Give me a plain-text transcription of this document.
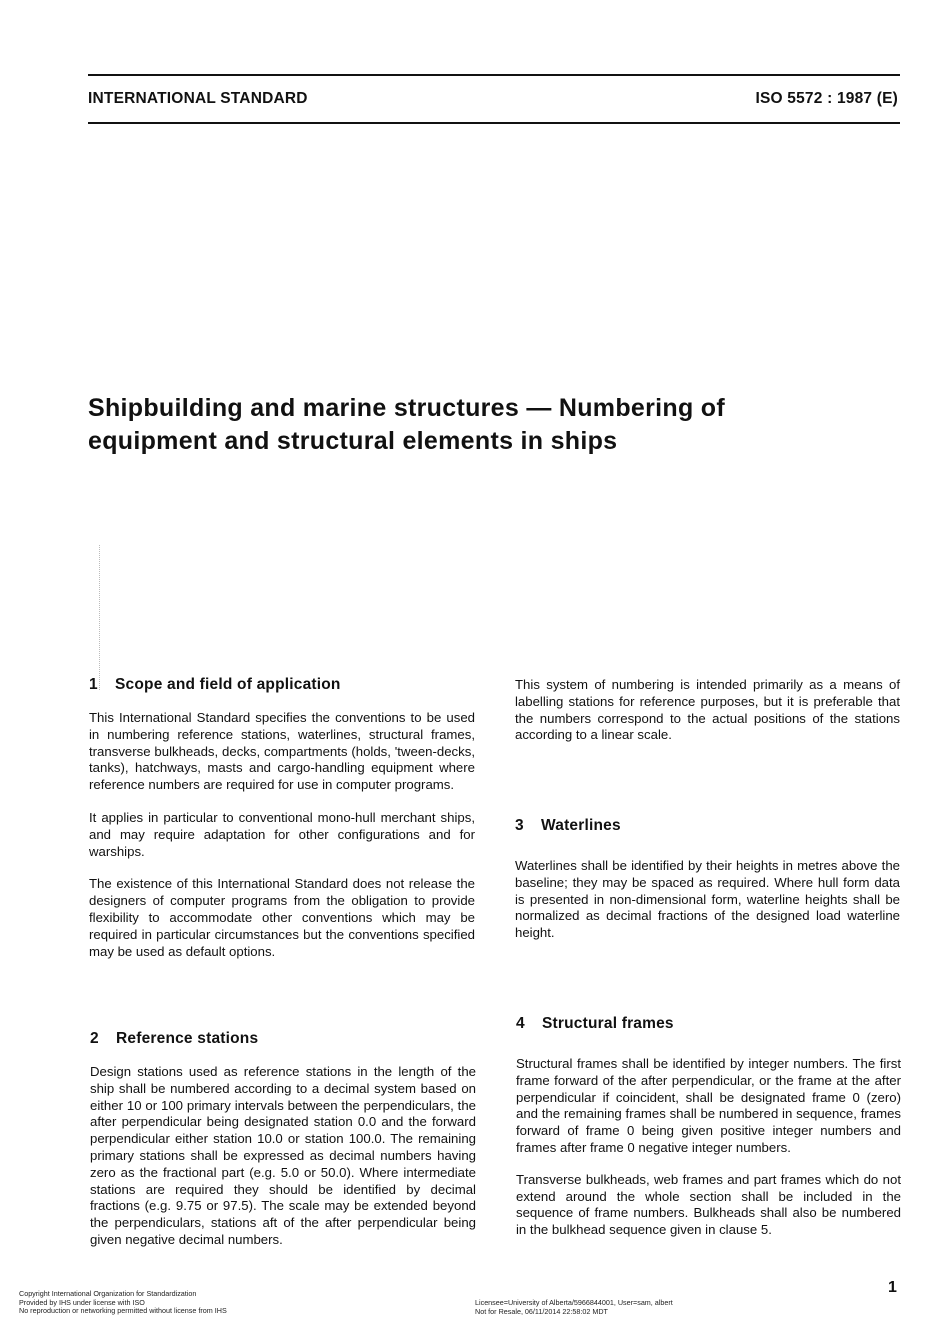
INTERNATIONAL STANDARD	ISO 5572 : 1987 (E)
Shipbuilding and marine structures — Numbering of
equipment and structural elements in ships
1 Scope and field of application

This International Standard specifies the conventions to be used in numbering reference stations, waterlines, structural frames, transverse bulkheads, decks, compartments (holds, 'tween-decks, tanks), hatchways, masts and cargo-handling equipment where reference numbers are required for use in computer programs.

It applies in particular to conventional mono-hull merchant ships, and may require adaptation for other configurations and for warships.

The existence of this International Standard does not release the designers of computer programs from the obligation to provide flexibility to accommodate other conventions which may be required in particular circumstances but the conventions specified may be used as default options.

2 Reference stations

Design stations used as reference stations in the length of the ship shall be numbered according to a decimal system based on either 10 or 100 primary intervals between the perpendiculars, the after perpendicular being designated station 0.0 and the forward perpendicular either station 10.0 or station 100.0. The remaining primary stations shall be expressed as decimal numbers having zero as the fractional part (e.g. 5.0 or 50.0). Where intermediate stations are required they should be identified by decimal fractions (e.g. 9.75 or 97.5). The scale may be extended beyond the perpendiculars, stations aft of the after perpendicular being given negative decimal numbers.

This system of numbering is intended primarily as a means of labelling stations for reference purposes, but it is preferable that the numbers correspond to the actual positions of the stations according to a linear scale.

3 Waterlines

Waterlines shall be identified by their heights in metres above the baseline; they may be spaced as required. Where hull form data is presented in non-dimensional form, waterline heights shall be normalized as decimal fractions of the designed load waterline height.

4 Structural frames

Structural frames shall be identified by integer numbers. The first frame forward of the after perpendicular, or the frame at the after perpendicular if coincident, shall be designated frame 0 (zero) and the remaining frames shall be numbered in sequence, frames forward of frame 0 being given positive integer numbers and frames after frame 0 negative integer numbers.

Transverse bulkheads, web frames and part frames which do not extend around the whole section shall be included in the sequence of frame numbers. Bulkheads shall also be numbered in the bulkhead sequence given in clause 5.

Copyright International Organization for Standardization
Provided by IHS under license with ISO
No reproduction or networking permitted without license from IHS
Licensee=University of Alberta/5966844001, User=sam, albert
Not for Resale, 06/11/2014 22:58:02 MDT
1
